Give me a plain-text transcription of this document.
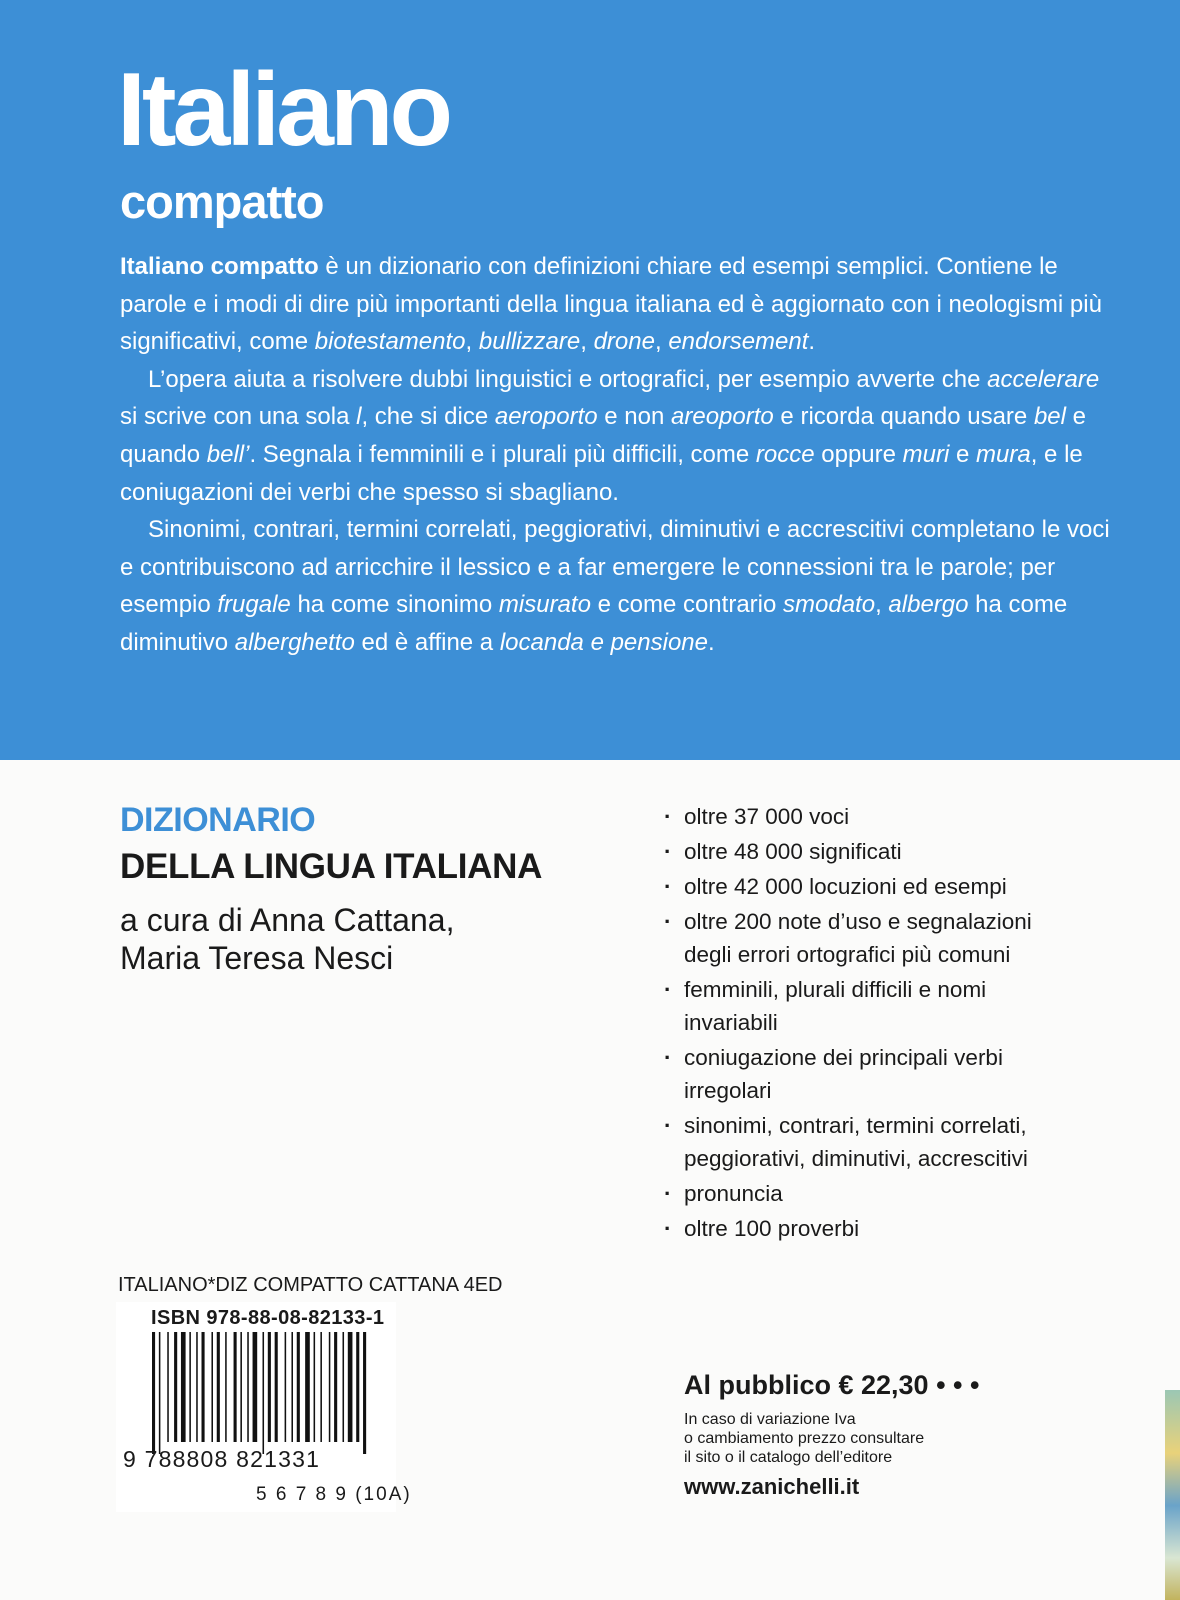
Italiano
compatto

Italiano compatto è un dizionario con definizioni chiare ed esempi semplici. Contiene le parole e i modi di dire più importanti della lingua italiana ed è aggiornato con i neologismi più significativi, come biotestamento, bullizzare, drone, endorsement.

L’opera aiuta a risolvere dubbi linguistici e ortografici, per esempio avverte che accelerare si scrive con una sola l, che si dice aeroporto e non areoporto e ricorda quando usare bel e quando bell’. Segnala i femminili e i plurali più difficili, come rocce oppure muri e mura, e le coniugazioni dei verbi che spesso si sbagliano.

Sinonimi, contrari, termini correlati, peggiorativi, diminutivi e accrescitivi completano le voci e contribuiscono ad arricchire il lessico e a far emergere le connessioni tra le parole; per esempio frugale ha come sinonimo misurato e come contrario smodato, albergo ha come diminutivo alberghetto ed è affine a locanda e pensione.

DIZIONARIO
DELLA LINGUA ITALIANA
a cura di Anna Cattana,
Maria Teresa Nesci
· oltre 37 000 voci
· oltre 48 000 significati
· oltre 42 000 locuzioni ed esempi
· oltre 200 note d’uso e segnalazioni degli errori ortografici più comuni
· femminili, plurali difficili e nomi invariabili
· coniugazione dei principali verbi irregolari
· sinonimi, contrari, termini correlati, peggiorativi, diminutivi, accrescitivi
· pronuncia
· oltre 100 proverbi
ITALIANO*DIZ COMPATTO CATTANA 4ED
ISBN 978-88-08-82133-1
9 788808 821331
5 6 7 8 9 (10A)
Al pubblico € 22,30 • • •
In caso di variazione Iva
o cambiamento prezzo consultare
il sito o il catalogo dell’editore
www.zanichelli.it
